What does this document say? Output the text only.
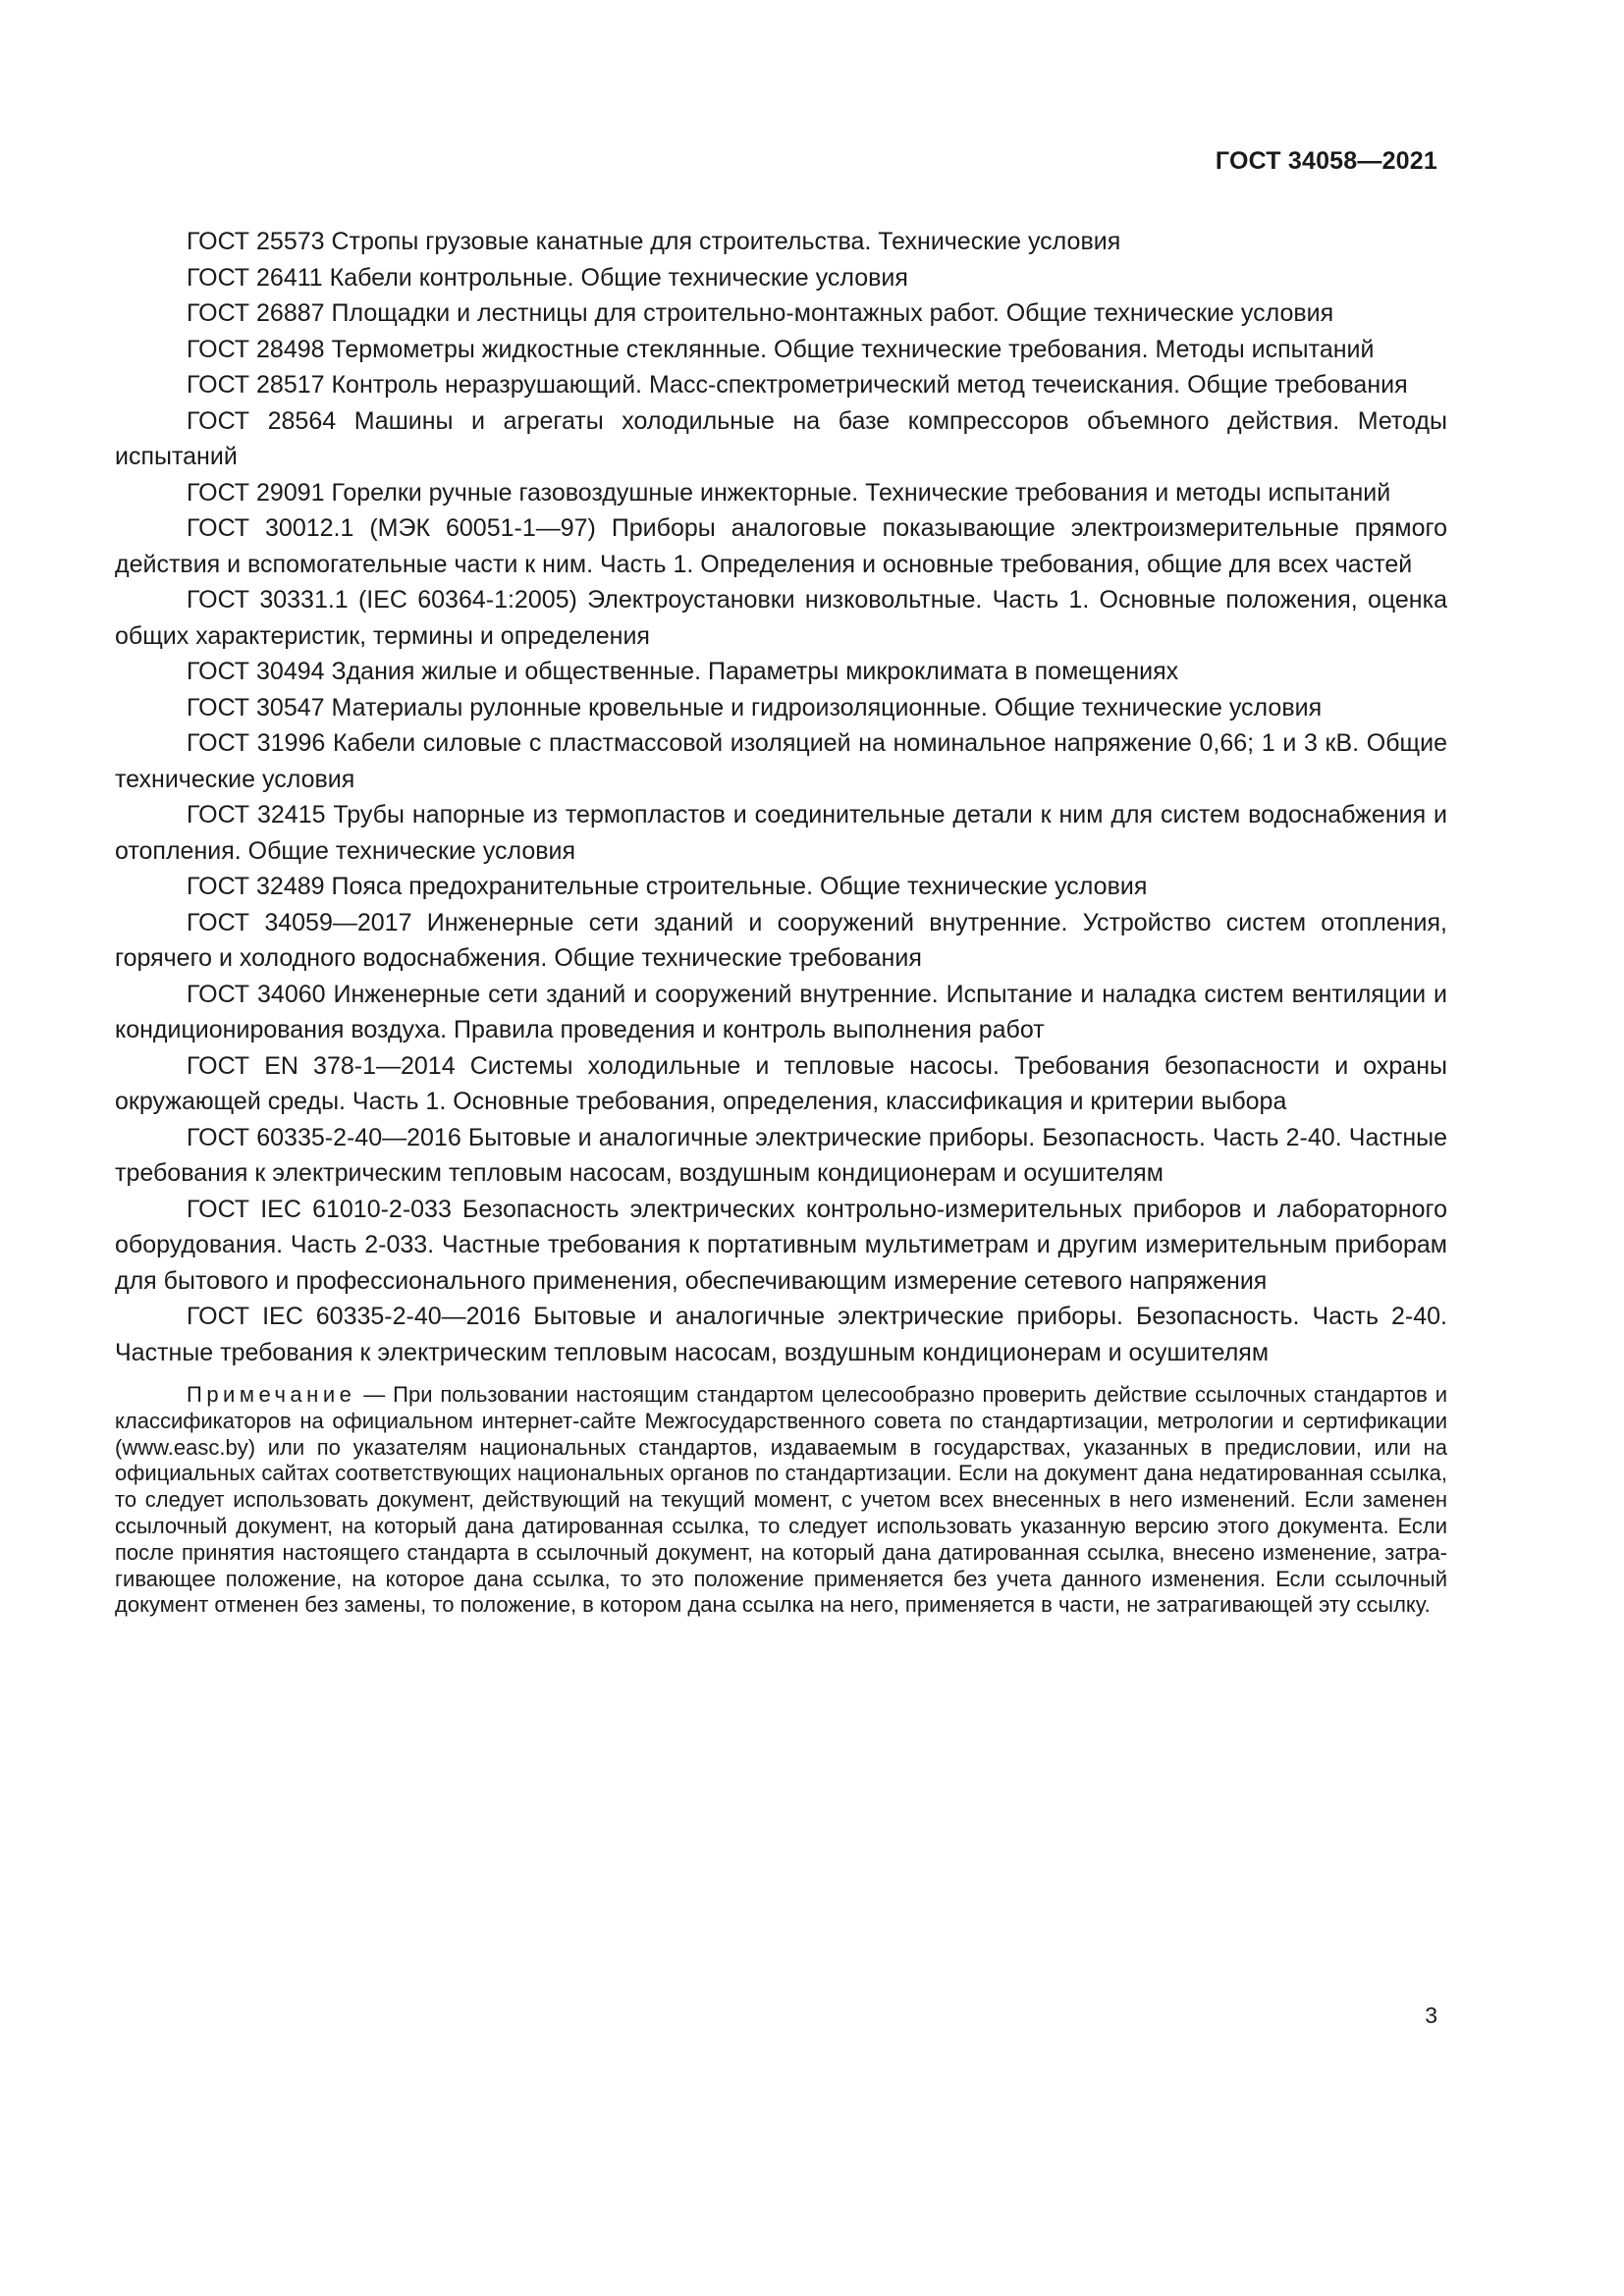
ГОСТ 34058—2021

ГОСТ 25573 Стропы грузовые канатные для строительства. Технические условия

ГОСТ 26411 Кабели контрольные. Общие технические условия

ГОСТ 26887 Площадки и лестницы для строительно-монтажных работ. Общие технические условия

ГОСТ 28498 Термометры жидкостные стеклянные. Общие технические требования. Методы испытаний

ГОСТ 28517 Контроль неразрушающий. Масс-спектрометрический метод течеискания. Общие требования

ГОСТ 28564 Машины и агрегаты холодильные на базе компрессоров объемного действия. Методы испытаний

ГОСТ 29091 Горелки ручные газовоздушные инжекторные. Технические требования и методы испытаний

ГОСТ 30012.1 (МЭК 60051-1—97) Приборы аналоговые показывающие электроизмерительные прямого действия и вспомогательные части к ним. Часть 1. Определения и основные требования, общие для всех частей

ГОСТ 30331.1 (IEC 60364-1:2005) Электроустановки низковольтные. Часть 1. Основные положения, оценка общих характеристик, термины и определения

ГОСТ 30494 Здания жилые и общественные. Параметры микроклимата в помещениях

ГОСТ 30547 Материалы рулонные кровельные и гидроизоляционные. Общие технические условия

ГОСТ 31996 Кабели силовые с пластмассовой изоляцией на номинальное напряжение 0,66; 1 и 3 кВ. Общие технические условия

ГОСТ 32415 Трубы напорные из термопластов и соединительные детали к ним для систем водоснабжения и отопления. Общие технические условия

ГОСТ 32489 Пояса предохранительные строительные. Общие технические условия

ГОСТ 34059—2017 Инженерные сети зданий и сооружений внутренние. Устройство систем отопления, горячего и холодного водоснабжения. Общие технические требования

ГОСТ 34060 Инженерные сети зданий и сооружений внутренние. Испытание и наладка систем вентиляции и кондиционирования воздуха. Правила проведения и контроль выполнения работ

ГОСТ EN 378-1—2014 Системы холодильные и тепловые насосы. Требования безопасности и охраны окружающей среды. Часть 1. Основные требования, определения, классификация и критерии выбора

ГОСТ 60335-2-40—2016 Бытовые и аналогичные электрические приборы. Безопасность. Часть 2-40. Частные требования к электрическим тепловым насосам, воздушным кондиционерам и осушителям

ГОСТ IEC 61010-2-033 Безопасность электрических контрольно-измерительных приборов и лабораторного оборудования. Часть 2-033. Частные требования к портативным мультиметрам и другим измерительным приборам для бытового и профессионального применения, обеспечивающим измерение сетевого напряжения

ГОСТ IEC 60335-2-40—2016 Бытовые и аналогичные электрические приборы. Безопасность. Часть 2-40. Частные требования к электрическим тепловым насосам, воздушным кондиционерам и осушителям

Примечание — При пользовании настоящим стандартом целесообразно проверить действие ссылочных стандартов и классификаторов на официальном интернет-сайте Межгосударственного совета по стандартизации, метрологии и сертификации (www.easc.by) или по указателям национальных стандартов, издаваемым в государствах, указанных в предисловии, или на официальных сайтах соответствующих национальных органов по стандартизации. Если на документ дана недатированная ссылка, то следует использовать документ, действующий на текущий момент, с учетом всех внесенных в него изменений. Если заменен ссылочный документ, на который дана датированная ссылка, то следует использовать указанную версию этого документа. Если после принятия настоящего стандарта в ссылочный документ, на который дана датированная ссылка, внесено изменение, затрагивающее положение, на которое дана ссылка, то это положение применяется без учета данного изменения. Если ссылочный документ отменен без замены, то положение, в котором дана ссылка на него, применяется в части, не затрагивающей эту ссылку.

3
